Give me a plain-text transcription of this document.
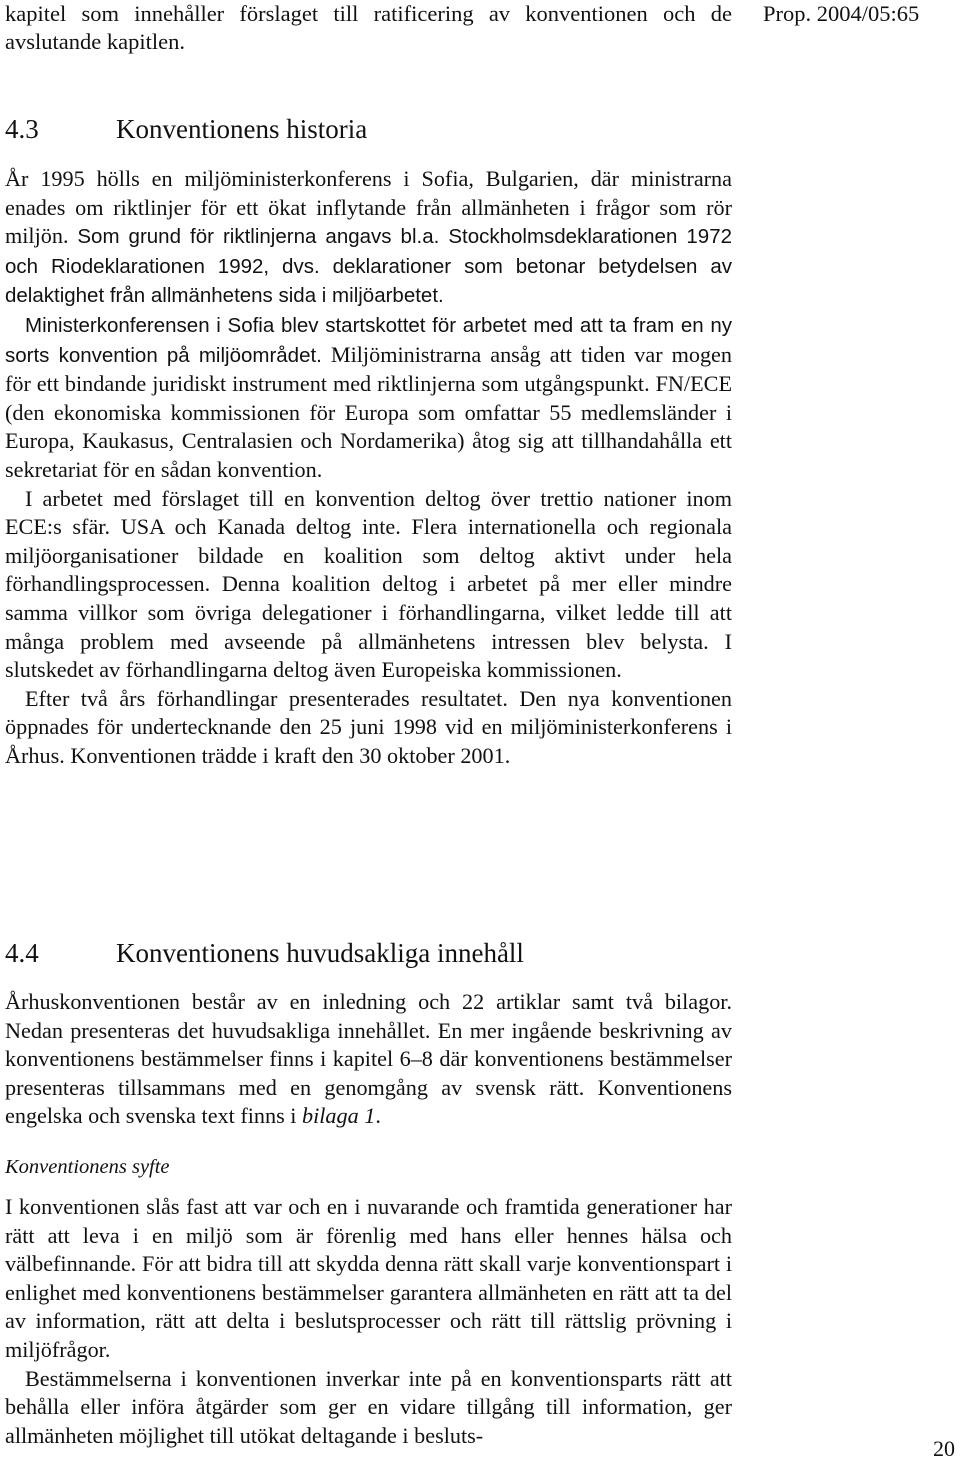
kapitel som innehåller förslaget till ratificering av konventionen och de
avslutande kapitlen.
Prop. 2004/05:65
4.3	Konventionens historia

År 1995 hölls en miljöministerkonferens i Sofia, Bulgarien, där ministrarna enades om riktlinjer för ett ökat inflytande från allmänheten i frågor som rör miljön. Som grund för riktlinjerna angavs bl.a. Stockholmsdeklarationen 1972 och Riodeklarationen 1992, dvs. deklarationer som betonar betydelsen av delaktighet från allmänhetens sida i miljöarbetet.

Ministerkonferensen i Sofia blev startskottet för arbetet med att ta fram en ny sorts konvention på miljöområdet. Miljöministrarna ansåg att tiden var mogen för ett bindande juridiskt instrument med riktlinjerna som utgångspunkt. FN/ECE (den ekonomiska kommissionen för Europa som omfattar 55 medlemsländer i Europa, Kaukasus, Centralasien och Nordamerika) åtog sig att tillhandahålla ett sekretariat för en sådan konvention.

I arbetet med förslaget till en konvention deltog över trettio nationer inom ECE:s sfär. USA och Kanada deltog inte. Flera internationella och regionala miljöorganisationer bildade en koalition som deltog aktivt under hela förhandlingsprocessen. Denna koalition deltog i arbetet på mer eller mindre samma villkor som övriga delegationer i förhandlingarna, vilket ledde till att många problem med avseende på allmänhetens intressen blev belysta. I slutskedet av förhandlingarna deltog även Europeiska kommissionen.

Efter två års förhandlingar presenterades resultatet. Den nya konventionen öppnades för undertecknande den 25 juni 1998 vid en miljöministerkonferens i Århus. Konventionen trädde i kraft den 30 oktober 2001.

4.4	Konventionens huvudsakliga innehåll

Århuskonventionen består av en inledning och 22 artiklar samt två bilagor. Nedan presenteras det huvudsakliga innehållet. En mer ingående beskrivning av konventionens bestämmelser finns i kapitel 6–8 där konventionens bestämmelser presenteras tillsammans med en genomgång av svensk rätt. Konventionens engelska och svenska text finns i bilaga 1.

Konventionens syfte

I konventionen slås fast att var och en i nuvarande och framtida generationer har rätt att leva i en miljö som är förenlig med hans eller hennes hälsa och välbefinnande. För att bidra till att skydda denna rätt skall varje konventionspart i enlighet med konventionens bestämmelser garantera allmänheten en rätt att ta del av information, rätt att delta i beslutsprocesser och rätt till rättslig prövning i miljöfrågor.

Bestämmelserna i konventionen inverkar inte på en konventionsparts rätt att behålla eller införa åtgärder som ger en vidare tillgång till information, ger allmänheten möjlighet till utökat deltagande i besluts-

20
